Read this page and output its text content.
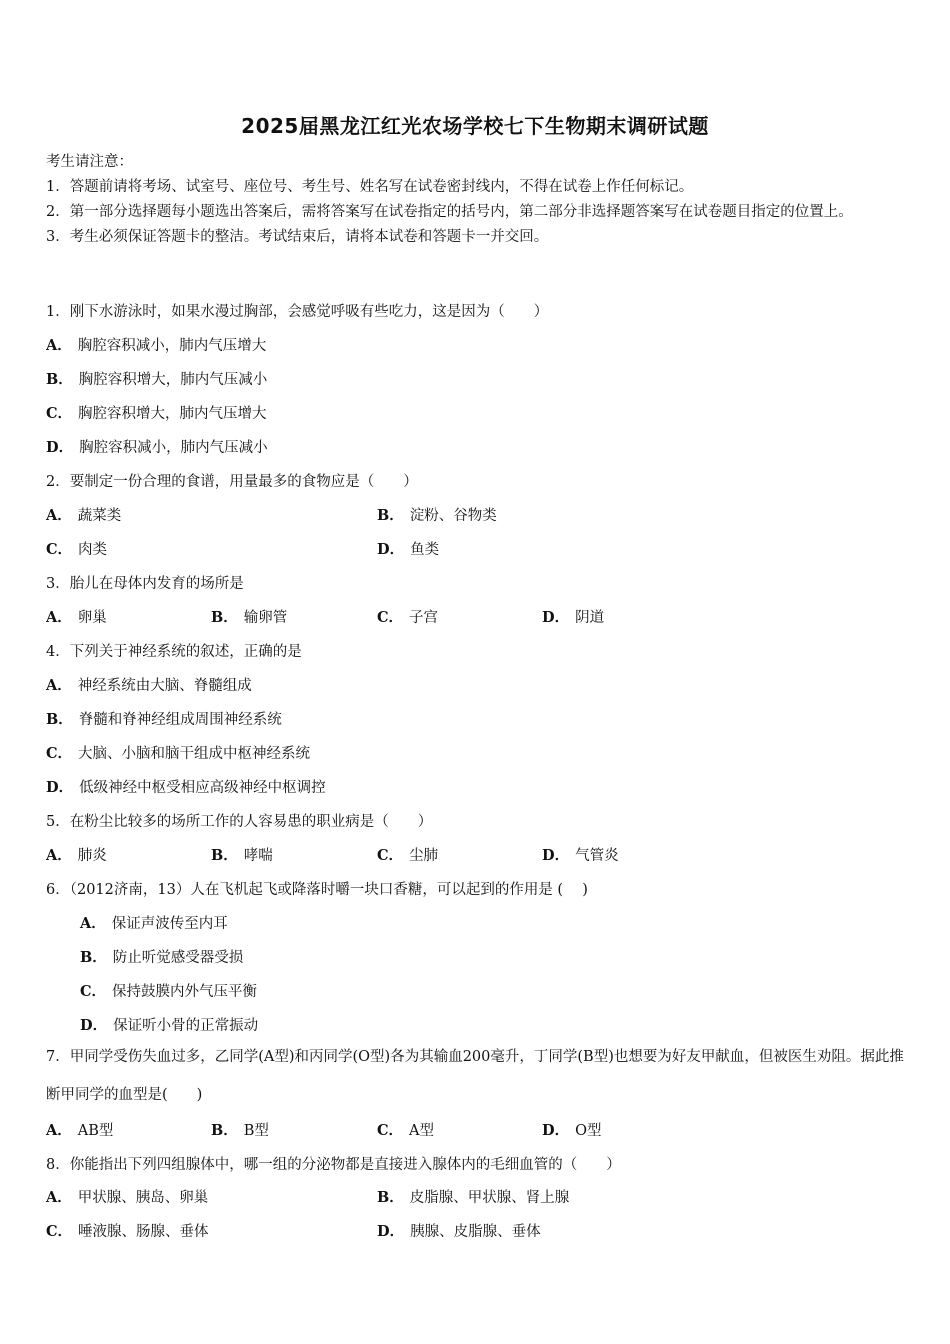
2025届黑龙江红光农场学校七下生物期末调研试题

考生请注意：

1．答题前请将考场、试室号、座位号、考生号、姓名写在试卷密封线内，不得在试卷上作任何标记。

2．第一部分选择题每小题选出答案后，需将答案写在试卷指定的括号内，第二部分非选择题答案写在试卷题目指定的位置上。

3．考生必须保证答题卡的整洁。考试结束后，请将本试卷和答题卡一并交回。

1．刚下水游泳时，如果水漫过胸部，会感觉呼吸有些吃力，这是因为（　　）
A． 胸腔容积减小，肺内气压增大
B． 胸腔容积增大，肺内气压减小
C． 胸腔容积增大，肺内气压增大
D． 胸腔容积减小，肺内气压减小
2．要制定一份合理的食谱，用量最多的食物应是（　　）
A． 蔬菜类	B． 淀粉、谷物类
C． 肉类	D． 鱼类
3．胎儿在母体内发育的场所是
A． 卵巢	B． 输卵管	C． 子宫	D． 阴道
4．下列关于神经系统的叙述，正确的是
A． 神经系统由大脑、脊髓组成
B． 脊髓和脊神经组成周围神经系统
C． 大脑、小脑和脑干组成中枢神经系统
D． 低级神经中枢受相应高级神经中枢调控
5．在粉尘比较多的场所工作的人容易患的职业病是（　　）
A． 肺炎	B． 哮喘	C． 尘肺	D． 气管炎
6．（2012济南，13）人在飞机起飞或降落时嚼一块口香糖，可以起到的作用是 (　 )
A． 保证声波传至内耳
B． 防止听觉感受器受损
C． 保持鼓膜内外气压平衡
D． 保证听小骨的正常振动
7．甲同学受伤失血过多，乙同学(A型)和丙同学(O型)各为其输血200毫升，丁同学(B型)也想要为好友甲献血，但被医生劝阻。据此推断甲同学的血型是(　　)
A． AB型	B． B型	C． A型	D． O型
8．你能指出下列四组腺体中，哪一组的分泌物都是直接进入腺体内的毛细血管的（　　）
A． 甲状腺、胰岛、卵巢	B． 皮脂腺、甲状腺、肾上腺
C． 唾液腺、肠腺、垂体	D． 胰腺、皮脂腺、垂体
